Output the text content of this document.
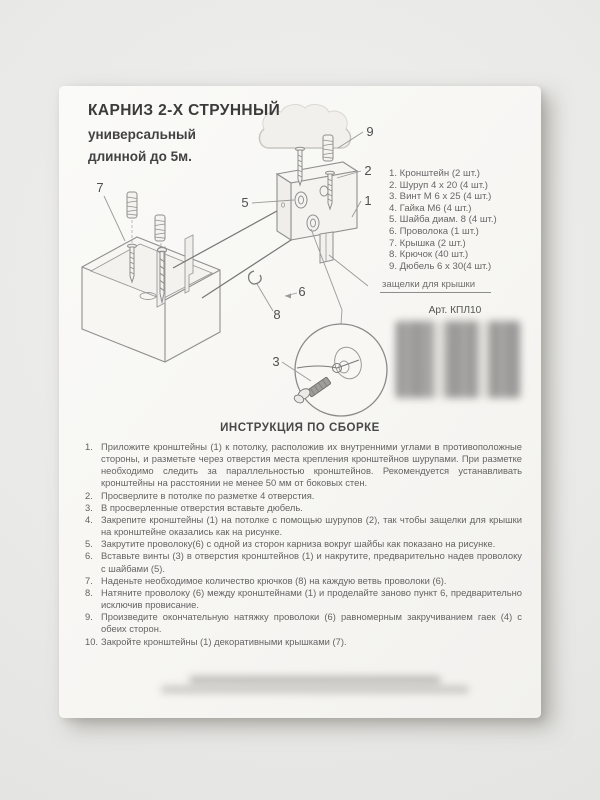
КАРНИЗ 2-Х СТРУННЫЙ
универсальный
длинной до 5м.
7
5
9
2
1
6
8
3
1. Кронштейн (2 шт.)
2. Шуруп 4 х 20 (4 шт.)
3. Винт М 6 х 25 (4 шт.)
4. Гайка М6 (4 шт.)
5. Шайба диам. 8 (4 шт.)
6. Проволока (1 шт.)
7. Крышка (2 шт.)
8. Крючок (40 шт.)
9. Дюбель 6 х 30(4 шт.)
защелки для крышки
Арт. КПЛ10
ИНСТРУКЦИЯ ПО СБОРКЕ
1. Приложите кронштейны (1) к потолку, расположив их внутренними углами в противоположные стороны, и разметьте через отверстия места крепления кронштейнов шурупами. При разметке необходимо следить за параллельностью кронштейнов. Рекомендуется устанавливать кронштейны на расстоянии не менее 50 мм от боковых стен.
2. Просверлите в потолке по разметке 4 отверстия.
3. В просверленные отверстия вставьте дюбель.
4. Закрепите кронштейны (1) на потолке с помощью шурупов (2), так чтобы защелки для крышки на кронштейне оказались как на рисунке.
5. Закрутите проволоку(6) с одной из сторон карниза вокруг шайбы как показано на рисунке.
6. Вставьте винты (3) в отверстия кронштейнов (1) и накрутите, предварительно надев проволоку с шайбами (5).
7. Наденьте необходимое количество крючков (8) на каждую ветвь проволоки (6).
8. Натяните проволоку (6) между кронштейнами (1) и проделайте заново пункт 6, предварительно исключив провисание.
9. Произведите окончательную натяжку проволоки (6) равномерным закручиванием гаек (4) с обеих сторон.
10. Закройте кронштейны (1) декоративными крышками (7).
